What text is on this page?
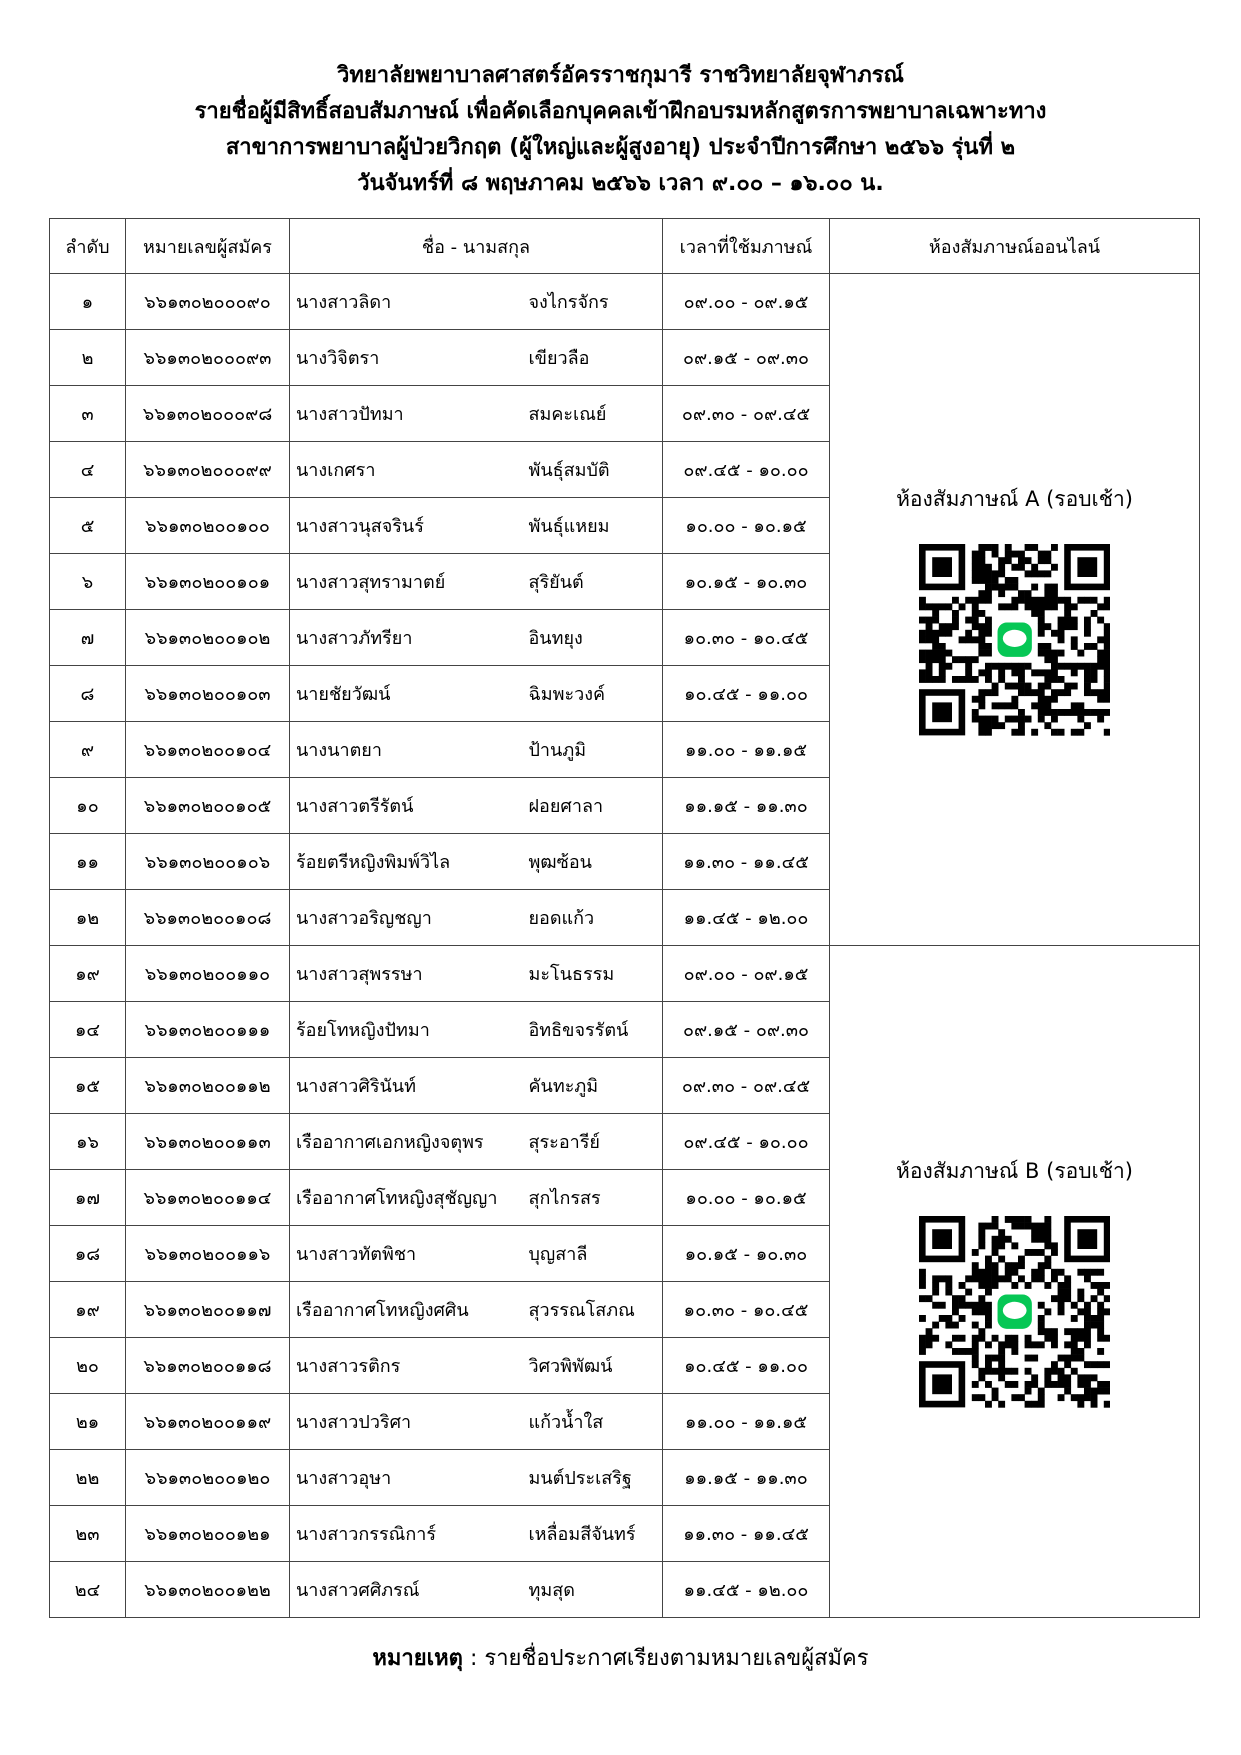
วิทยาลัยพยาบาลศาสตร์อัครราชกุมารี ราชวิทยาลัยจุฬาภรณ์
รายชื่อผู้มีสิทธิ์สอบสัมภาษณ์ เพื่อคัดเลือกบุคคลเข้าฝึกอบรมหลักสูตรการพยาบาลเฉพาะทาง
สาขาการพยาบาลผู้ป่วยวิกฤต (ผู้ใหญ่และผู้สูงอายุ) ประจำปีการศึกษา ๒๕๖๖ รุ่นที่ ๒
วันจันทร์ที่ ๘ พฤษภาคม ๒๕๖๖ เวลา ๙.๐๐ – ๑๖.๐๐ น.
ลำดับ	หมายเลขผู้สมัคร	ชื่อ - นามสกุล		เวลาที่ใช้มภาษณ์	ห้องสัมภาษณ์ออนไลน์
๑	๖๖๑๓๐๒๐๐๐๙๐	นางสาวลิดา	จงไกรจักร	๐๙.๐๐ - ๐๙.๑๕	ห้องสัมภาษณ์ A (รอบเช้า)

๒	๖๖๑๓๐๒๐๐๐๙๓	นางวิจิตรา	เขียวลือ	๐๙.๑๕ - ๐๙.๓๐	
๓	๖๖๑๓๐๒๐๐๐๙๘	นางสาวปัทมา	สมคะเณย์	๐๙.๓๐ - ๐๙.๔๕	
๔	๖๖๑๓๐๒๐๐๐๙๙	นางเกศรา	พันธุ์สมบัติ	๐๙.๔๕ - ๑๐.๐๐	
๕	๖๖๑๓๐๒๐๐๑๐๐	นางสาวนุสจรินร์	พันธุ์แหยม	๑๐.๐๐ - ๑๐.๑๕	
๖	๖๖๑๓๐๒๐๐๑๐๑	นางสาวสุทรามาตย์	สุริยันต์	๑๐.๑๕ - ๑๐.๓๐	
๗	๖๖๑๓๐๒๐๐๑๐๒	นางสาวภัทรียา	อินทยุง	๑๐.๓๐ - ๑๐.๔๕	
๘	๖๖๑๓๐๒๐๐๑๐๓	นายชัยวัฒน์	ฉิมพะวงค์	๑๐.๔๕ - ๑๑.๐๐	
๙	๖๖๑๓๐๒๐๐๑๐๔	นางนาตยา	ป้านภูมิ	๑๑.๐๐ - ๑๑.๑๕	
๑๐	๖๖๑๓๐๒๐๐๑๐๕	นางสาวตรีรัตน์	ฝอยศาลา	๑๑.๑๕ - ๑๑.๓๐	
๑๑	๖๖๑๓๐๒๐๐๑๐๖	ร้อยตรีหญิงพิมพ์วิไล	พุฒซ้อน	๑๑.๓๐ - ๑๑.๔๕	
๑๒	๖๖๑๓๐๒๐๐๑๐๘	นางสาวอริญชญา	ยอดแก้ว	๑๑.๔๕ - ๑๒.๐๐	
๑๙	๖๖๑๓๐๒๐๐๑๑๐	นางสาวสุพรรษา	มะโนธรรม	๐๙.๐๐ - ๐๙.๑๕	ห้องสัมภาษณ์ B (รอบเช้า)

๑๔	๖๖๑๓๐๒๐๐๑๑๑	ร้อยโทหญิงปัทมา	อิทธิขจรรัตน์	๐๙.๑๕ - ๐๙.๓๐	
๑๕	๖๖๑๓๐๒๐๐๑๑๒	นางสาวศิรินันท์	คันทะภูมิ	๐๙.๓๐ - ๐๙.๔๕	
๑๖	๖๖๑๓๐๒๐๐๑๑๓	เรืออากาศเอกหญิงจตุพร	สุระอารีย์	๐๙.๔๕ - ๑๐.๐๐	
๑๗	๖๖๑๓๐๒๐๐๑๑๔	เรืออากาศโทหญิงสุชัญญา	สุกไกรสร	๑๐.๐๐ - ๑๐.๑๕	
๑๘	๖๖๑๓๐๒๐๐๑๑๖	นางสาวทัตพิชา	บุญสาลี	๑๐.๑๕ - ๑๐.๓๐	
๑๙	๖๖๑๓๐๒๐๐๑๑๗	เรืออากาศโทหญิงศศิน	สุวรรณโสภณ	๑๐.๓๐ - ๑๐.๔๕	
๒๐	๖๖๑๓๐๒๐๐๑๑๘	นางสาวรติกร	วิศวพิพัฒน์	๑๐.๔๕ - ๑๑.๐๐	
๒๑	๖๖๑๓๐๒๐๐๑๑๙	นางสาวปวริศา	แก้วน้ำใส	๑๑.๐๐ - ๑๑.๑๕	
๒๒	๖๖๑๓๐๒๐๐๑๒๐	นางสาวอุษา	มนต์ประเสริฐ	๑๑.๑๕ - ๑๑.๓๐	
๒๓	๖๖๑๓๐๒๐๐๑๒๑	นางสาวกรรณิการ์	เหลื่อมสีจันทร์	๑๑.๓๐ - ๑๑.๔๕	
๒๔	๖๖๑๓๐๒๐๐๑๒๒	นางสาวศศิภรณ์	ทุมสุด	๑๑.๔๕ - ๑๒.๐๐	
หมายเหตุ : รายชื่อประกาศเรียงตามหมายเลขผู้สมัคร
